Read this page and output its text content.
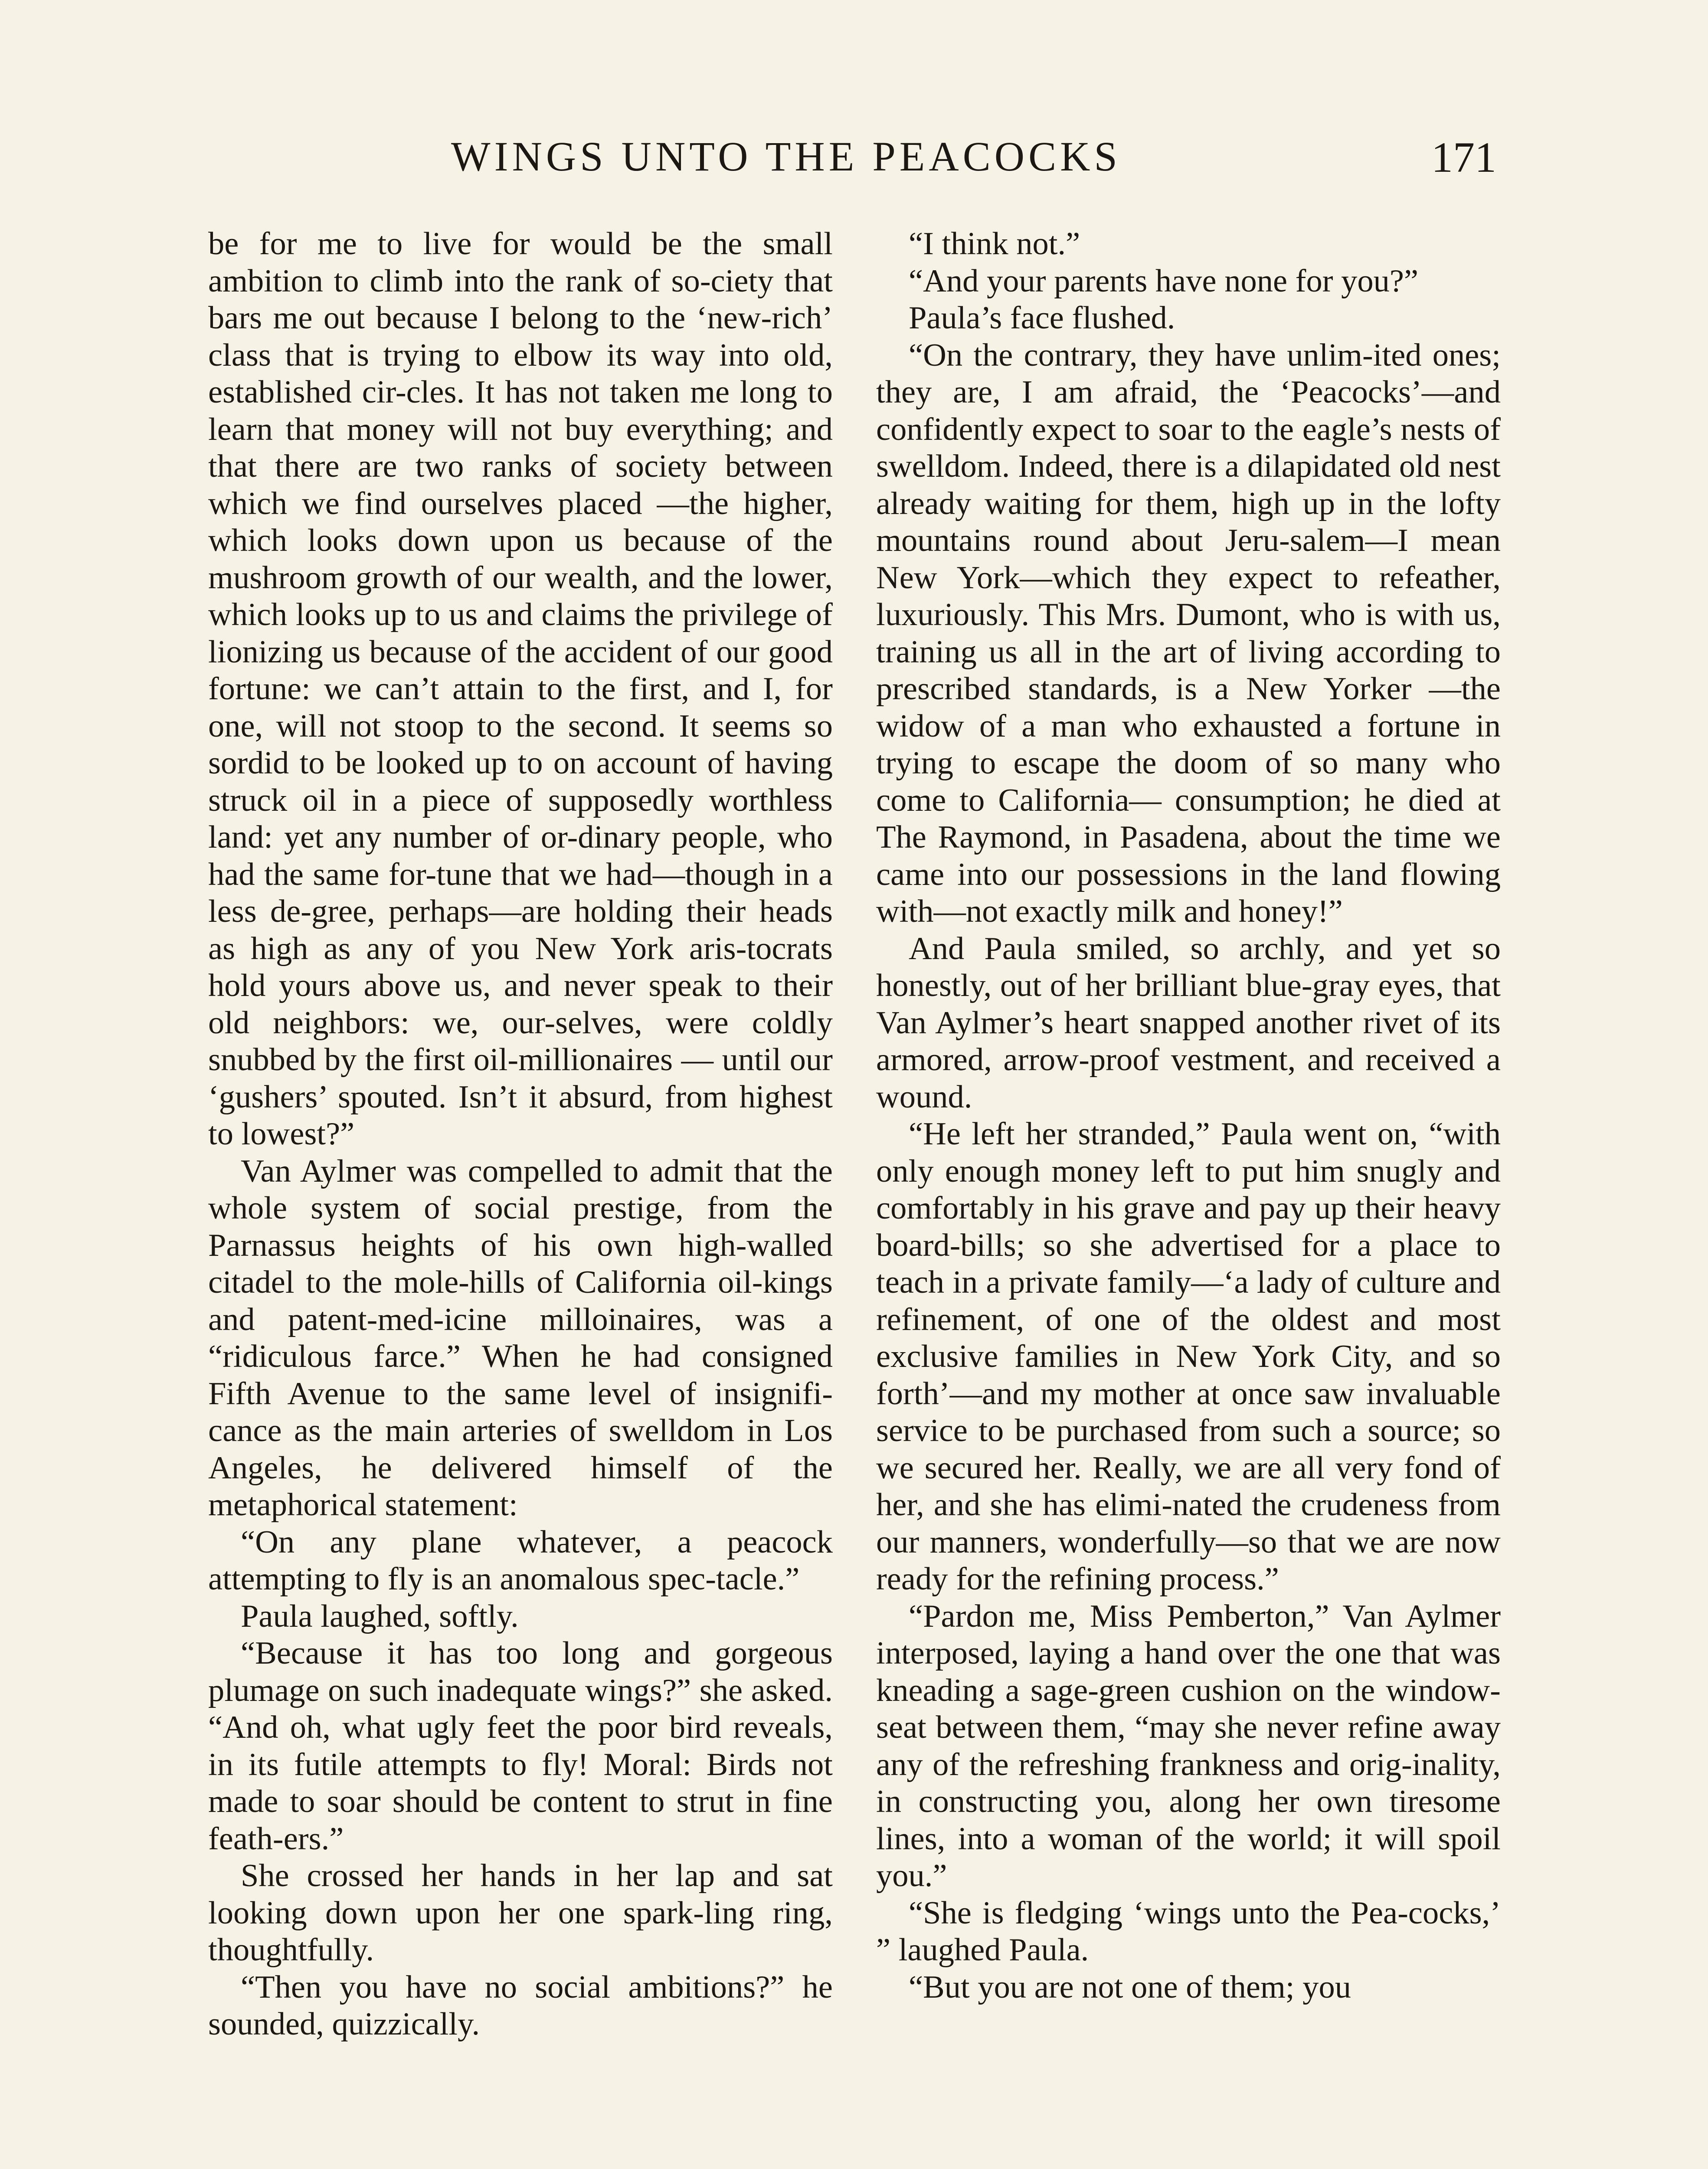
WINGS UNTO THE PEACOCKS	171

be for me to live for would be the small ambition to climb into the rank of so-ciety that bars me out because I belong to the ‘new-rich’ class that is trying to elbow its way into old, established cir-cles. It has not taken me long to learn that money will not buy everything; and that there are two ranks of society between which we find ourselves placed —the higher, which looks down upon us because of the mushroom growth of our wealth, and the lower, which looks up to us and claims the privilege of lionizing us because of the accident of our good fortune: we can’t attain to the first, and I, for one, will not stoop to the second. It seems so sordid to be looked up to on account of having struck oil in a piece of supposedly worthless land: yet any number of or-dinary people, who had the same for-tune that we had—though in a less de-gree, perhaps—are holding their heads as high as any of you New York aris-tocrats hold yours above us, and never speak to their old neighbors: we, our-selves, were coldly snubbed by the first oil-millionaires — until our ‘gushers’ spouted. Isn’t it absurd, from highest to lowest?”

Van Aylmer was compelled to admit that the whole system of social prestige, from the Parnassus heights of his own high-walled citadel to the mole-hills of California oil-kings and patent-med-icine milloinaires, was a “ridiculous farce.” When he had consigned Fifth Avenue to the same level of insignifi-cance as the main arteries of swelldom in Los Angeles, he delivered himself of the metaphorical statement:

“On any plane whatever, a peacock attempting to fly is an anomalous spec-tacle.”

Paula laughed, softly.

“Because it has too long and gorgeous plumage on such inadequate wings?” she asked. “And oh, what ugly feet the poor bird reveals, in its futile attempts to fly! Moral: Birds not made to soar should be content to strut in fine feath-ers.”

She crossed her hands in her lap and sat looking down upon her one spark-ling ring, thoughtfully.

“Then you have no social ambitions?” he sounded, quizzically.

“I think not.”

“And your parents have none for you?”

Paula’s face flushed.

“On the contrary, they have unlim-ited ones; they are, I am afraid, the ‘Peacocks’—and confidently expect to soar to the eagle’s nests of swelldom. Indeed, there is a dilapidated old nest already waiting for them, high up in the lofty mountains round about Jeru-salem—I mean New York—which they expect to refeather, luxuriously. This Mrs. Dumont, who is with us, training us all in the art of living according to prescribed standards, is a New Yorker —the widow of a man who exhausted a fortune in trying to escape the doom of so many who come to California— consumption; he died at The Raymond, in Pasadena, about the time we came into our possessions in the land flowing with—not exactly milk and honey!”

And Paula smiled, so archly, and yet so honestly, out of her brilliant blue-gray eyes, that Van Aylmer’s heart snapped another rivet of its armored, arrow-proof vestment, and received a wound.

“He left her stranded,” Paula went on, “with only enough money left to put him snugly and comfortably in his grave and pay up their heavy board-bills; so she advertised for a place to teach in a private family—‘a lady of culture and refinement, of one of the oldest and most exclusive families in New York City, and so forth’—and my mother at once saw invaluable service to be purchased from such a source; so we secured her. Really, we are all very fond of her, and she has elimi-nated the crudeness from our manners, wonderfully—so that we are now ready for the refining process.”

“Pardon me, Miss Pemberton,” Van Aylmer interposed, laying a hand over the one that was kneading a sage-green cushion on the window-seat between them, “may she never refine away any of the refreshing frankness and orig-inality, in constructing you, along her own tiresome lines, into a woman of the world; it will spoil you.”

“She is fledging ‘wings unto the Pea-cocks,’ ” laughed Paula.

“But you are not one of them; you
